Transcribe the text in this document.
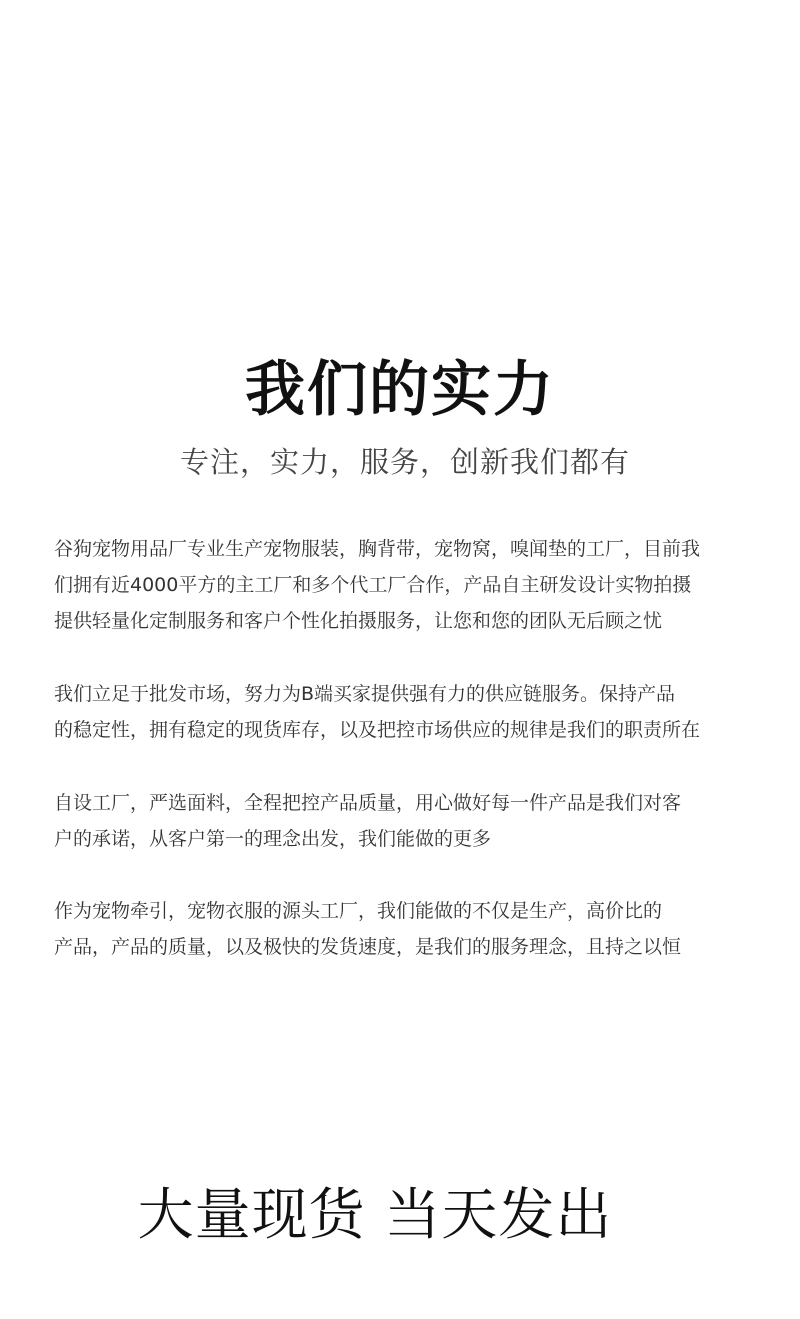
我们的实力
专注，实力，服务，创新我们都有
谷狗宠物用品厂专业生产宠物服装，胸背带，宠物窝，嗅闻垫的工厂，目前我
们拥有近4000平方的主工厂和多个代工厂合作，产品自主研发设计实物拍摄
提供轻量化定制服务和客户个性化拍摄服务，让您和您的团队无后顾之忧
我们立足于批发市场，努力为B端买家提供强有力的供应链服务。保持产品
的稳定性，拥有稳定的现货库存，以及把控市场供应的规律是我们的职责所在
自设工厂，严选面料，全程把控产品质量，用心做好每一件产品是我们对客
户的承诺，从客户第一的理念出发，我们能做的更多
作为宠物牵引，宠物衣服的源头工厂，我们能做的不仅是生产，高价比的
产品，产品的质量，以及极快的发货速度，是我们的服务理念，且持之以恒
大量现货 当天发出
